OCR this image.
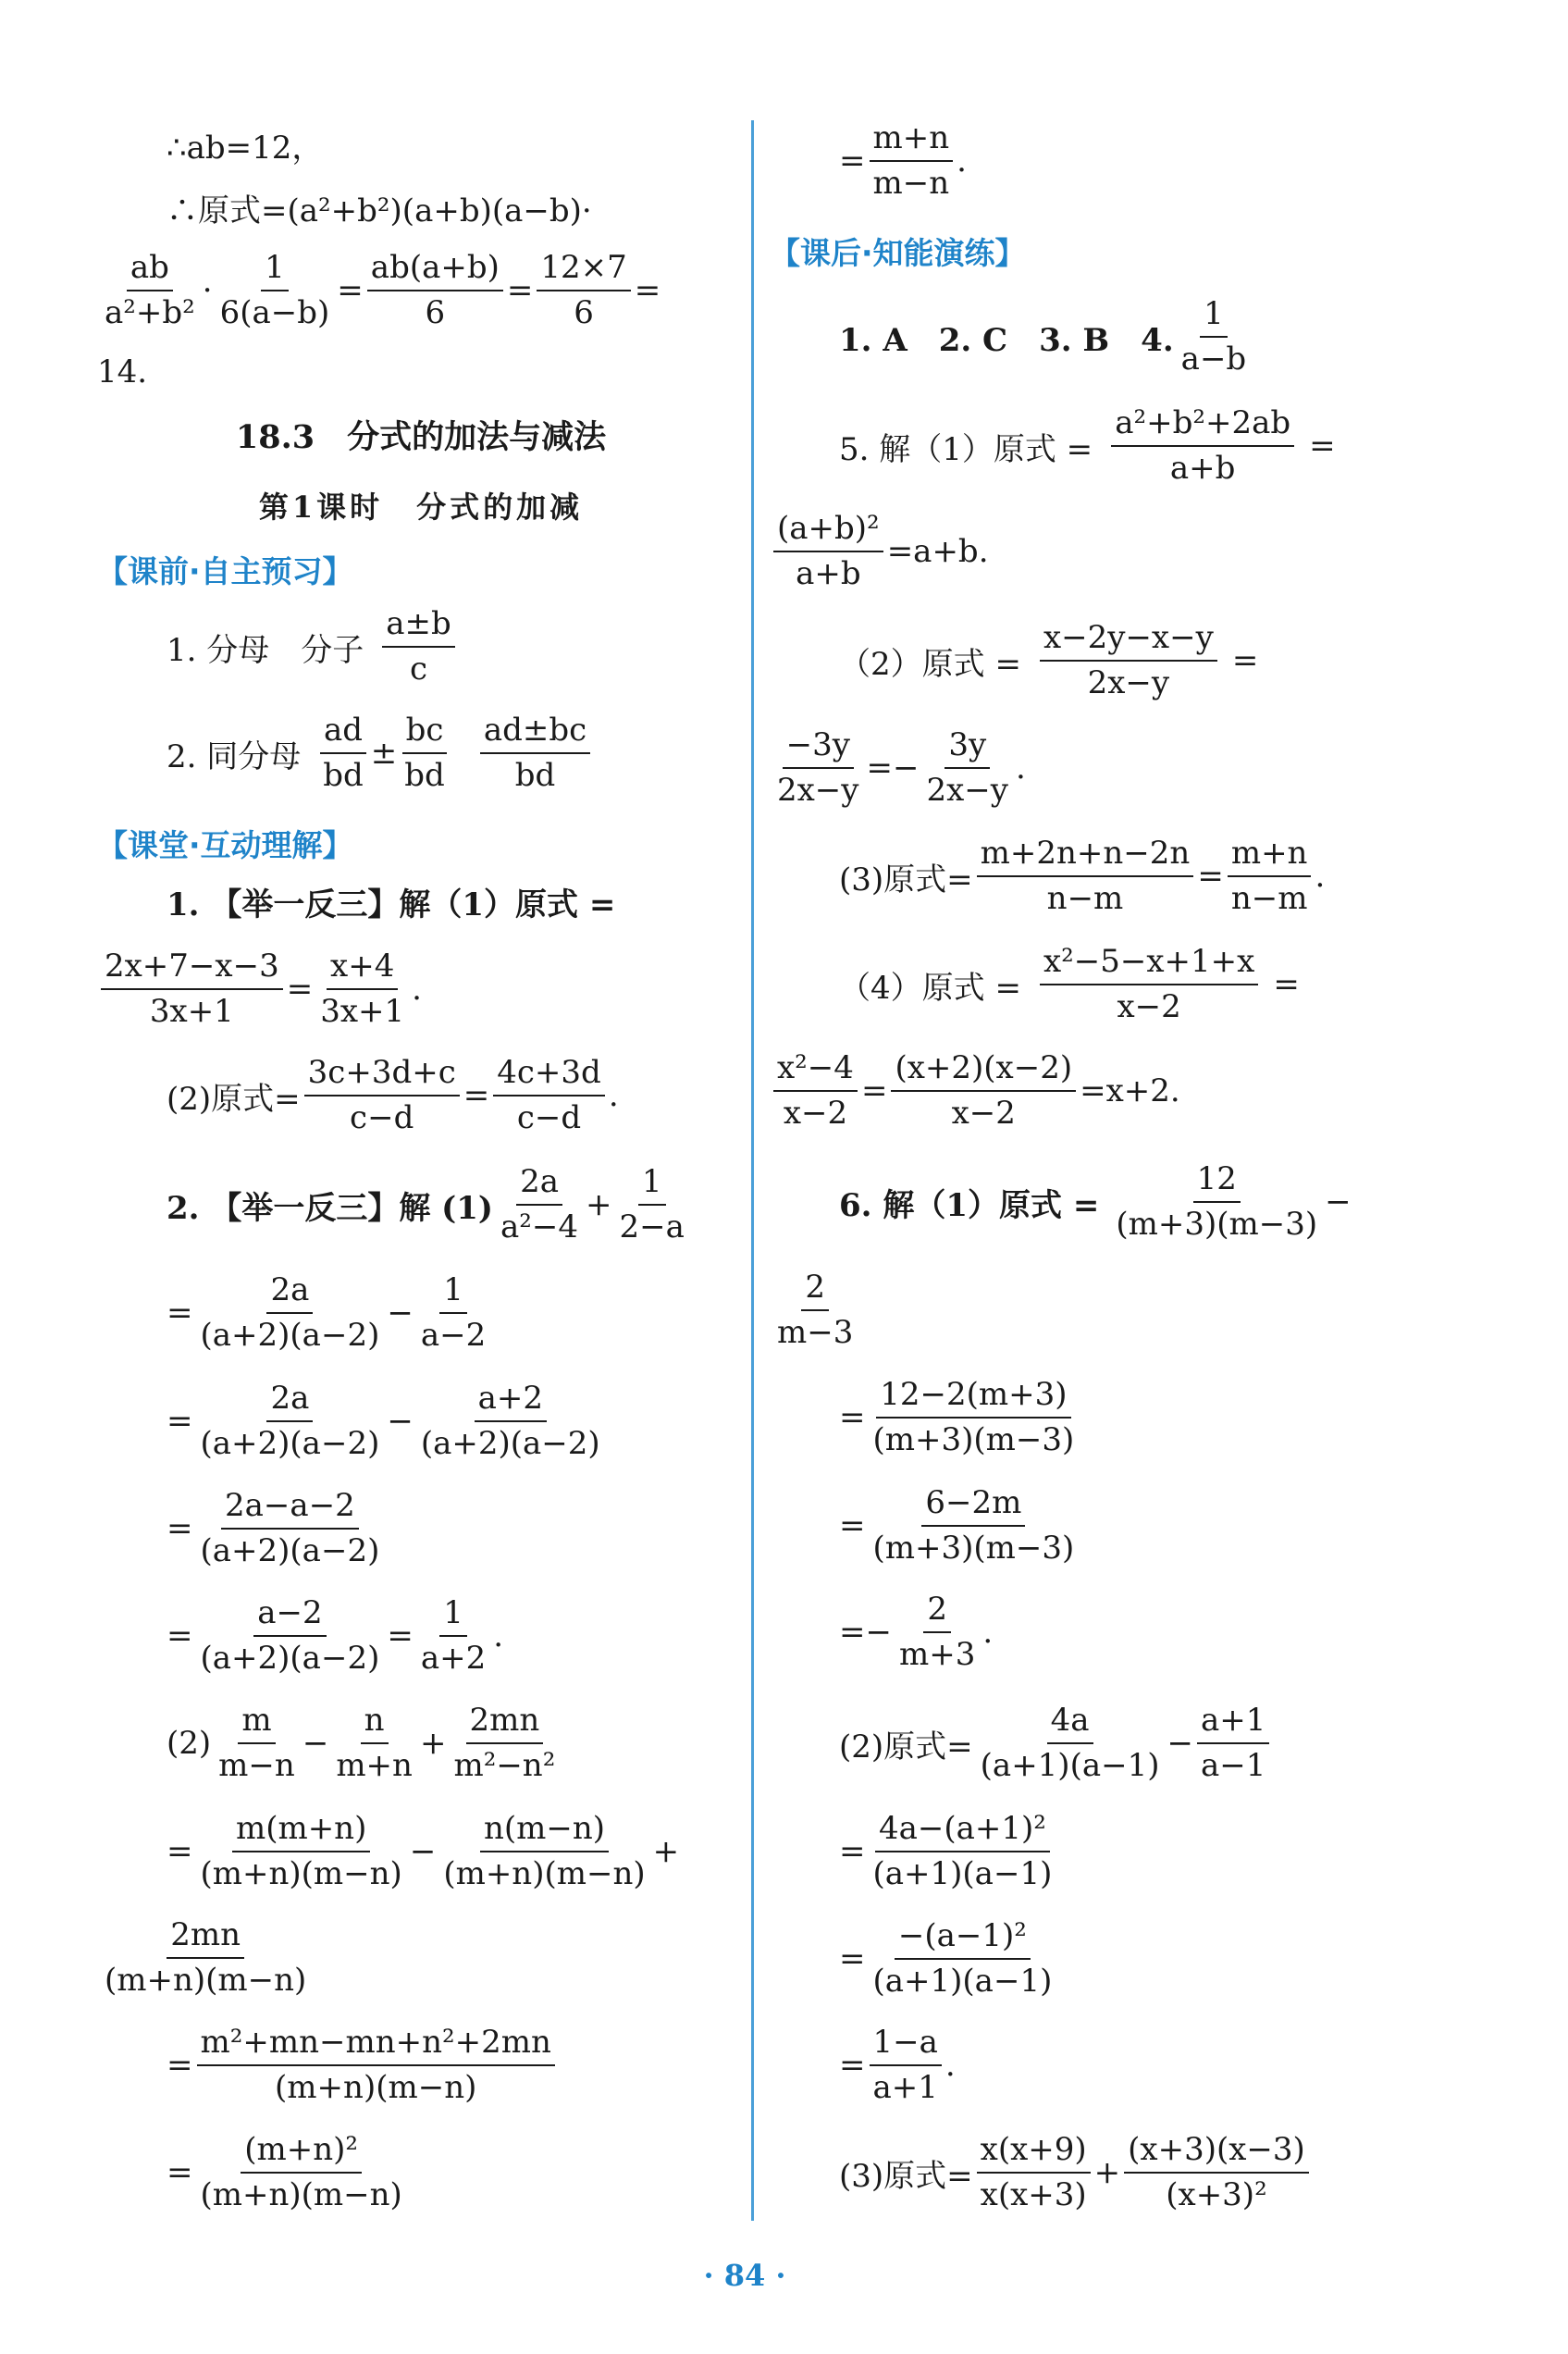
∴ab=12，
∴原式=(a²+b²)(a+b)(a−b)·
$\frac{ab}{\text{a²+b²}} \cdot \frac{1}{6(a-b)} = \frac{ab(a+b)}{6} = \frac{12\times 7}{6}$ =
14.
18.3　分式的加法与减法
第1课时　分式的加减
【课前·自主预习】
1. 分母　分子 $\frac{a\pm b}{c}$
2. 同分母 $\frac{ad}{bd} \pm \frac{bc}{bd} \frac{ad\pm bc}{bd}$
【课堂·互动理解】
1. 【举一反三】解（1）原式 =
$\frac{2x+7-x-3}{3x+1} = \frac{x+4}{3x+1}$ .
(2)原式= $\frac{3c+3d+c}{c-d} = \frac{4c+3d}{c-d}$ .
2. 【举一反三】解 $(1) \frac{2a}{\text{a²−4}} + \frac{1}{2-a}$
= $\frac{2a}{(a+2)(a-2)} - \frac{1}{a-2}$
= $\frac{2a}{(a+2)(a-2)} - \frac{a+2}{(a+2)(a-2)}$
= $\frac{2a-a-2}{(a+2)(a-2)}$
= $\frac{a-2}{(a+2)(a-2)} = \frac{1}{a+2}$ .
$(2) \frac{m}{m-n} - \frac{n}{m+n} + \frac{2mn}{\text{m²−n²}}$
= $\frac{m(m+n)}{(m+n)(m-n)} - \frac{n(m-n)}{(m+n)(m-n)}$ +
$\frac{2mn}{(m+n)(m-n)}$
= $\frac{\text{m²+mn−mn+n²+2mn}}{(m+n)(m-n)}$
= $\frac{\text{(m+n)²}}{(m+n)(m-n)}$
= $\frac{m+n}{m-n}$ .
【课后·知能演练】
1. A　2. C　3. B　4. $\frac{1}{a-b}$
5. 解（1）原式 = $\frac{\text{a²+b²+2ab}}{a+b}$ =
$\frac{\text{(a+b)²}}{a+b} =a+b$.
（2）原式 = $\frac{x-2y-x-y}{2x-y}$ =
$\frac{-3y}{2x-y} =- \frac{3y}{2x-y}$ .
(3)原式= $\frac{m+2n+n-2n}{n-m} = \frac{m+n}{n-m}$ .
（4）原式 = $\frac{\text{x²−5−x+1+x}}{x-2}$ =
$\frac{\text{x²−4}}{x-2} = \frac{(x+2)(x-2)}{x-2} =x+2$.
6. 解（1）原式 = $\frac{12}{(m+3)(m-3)}$ −
$\frac{2}{m-3}$
= $\frac{12-2(m+3)}{(m+3)(m-3)}$
= $\frac{6-2m}{(m+3)(m-3)}$
=− $\frac{2}{m+3}$ .
(2)原式= $\frac{4a}{(a+1)(a-1)} - \frac{a+1}{a-1}$
= $\frac{\text{4a−(a+1)²}}{(a+1)(a-1)}$
= $\frac{\text{−(a−1)²}}{(a+1)(a-1)}$
= $\frac{1-a}{a+1}$ .
(3)原式= $\frac{x(x+9)}{x(x+3)} + \frac{(x+3)(x-3)}{\text{(x+3)²}}$
· 84 ·
